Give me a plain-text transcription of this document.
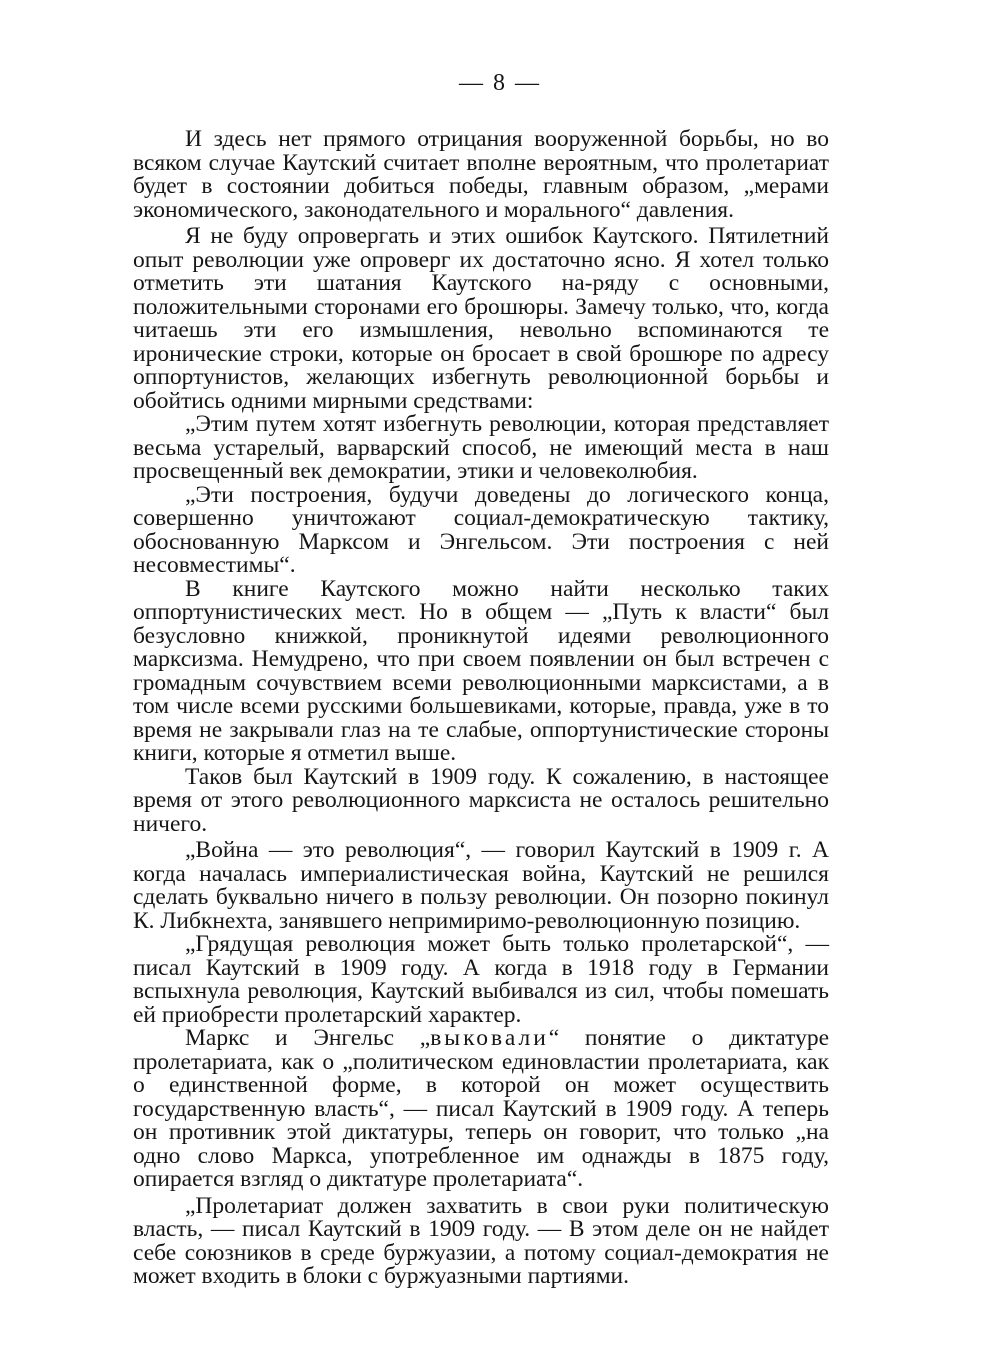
— 8 —

И здесь нет прямого отрицания вооруженной борьбы, но во всяком случае Каутский считает вполне вероятным, что пролетариат будет в состоянии добиться победы, главным образом, „мерами экономического, законодательного и морального“ давления.

Я не буду опровергать и этих ошибок Каутского. Пятилетний опыт революции уже опроверг их достаточно ясно. Я хотел только отметить эти шатания Каутского на-ряду с основными, положительными сторонами его брошюры. Замечу только, что, когда читаешь эти его измышления, невольно вспоминаются те иронические строки, которые он бросает в свой брошюре по адресу оппортунистов, желающих избегнуть революционной борьбы и обойтись одними мирными средствами:

„Этим путем хотят избегнуть революции, которая представляет весьма устарелый, варварский способ, не имеющий места в наш просвещенный век демократии, этики и человеколюбия.

„Эти построения, будучи доведены до логического конца, совершенно уничтожают социал-демократическую тактику, обоснованную Марксом и Энгельсом. Эти построения с ней несовместимы“.

В книге Каутского можно найти несколько таких оппортунистических мест. Но в общем — „Путь к власти“ был безусловно книжкой, проникнутой идеями революционного марксизма. Немудрено, что при своем появлении он был встречен с громадным сочувствием всеми революционными марксистами, а в том числе всеми русскими большевиками, которые, правда, уже в то время не закрывали глаз на те слабые, оппортунистические стороны книги, которые я отметил выше.

Таков был Каутский в 1909 году. К сожалению, в настоящее время от этого революционного марксиста не осталось решительно ничего.

„Война — это революция“, — говорил Каутский в 1909 г. А когда началась империалистическая война, Каутский не решился сделать буквально ничего в пользу революции. Он позорно покинул К. Либкнехта, занявшего непримиримо-революционную позицию.

„Грядущая революция может быть только пролетарской“, — писал Каутский в 1909 году. А когда в 1918 году в Германии вспыхнула революция, Каутский выбивался из сил, чтобы помешать ей приобрести пролетарский характер.

Маркс и Энгельс „выковали“ понятие о диктатуре пролетариата, как о „политическом единовластии пролетариата, как о единственной форме, в которой он может осуществить государственную власть“, — писал Каутский в 1909 году. А теперь он противник этой диктатуры, теперь он говорит, что только „на одно слово Маркса, употребленное им однажды в 1875 году, опирается взгляд о диктатуре пролетариата“.

„Пролетариат должен захватить в свои руки политическую власть, — писал Каутский в 1909 году. — В этом деле он не найдет себе союзников в среде буржуазии, а потому социал-демократия не может входить в блоки с буржуазными партиями.
